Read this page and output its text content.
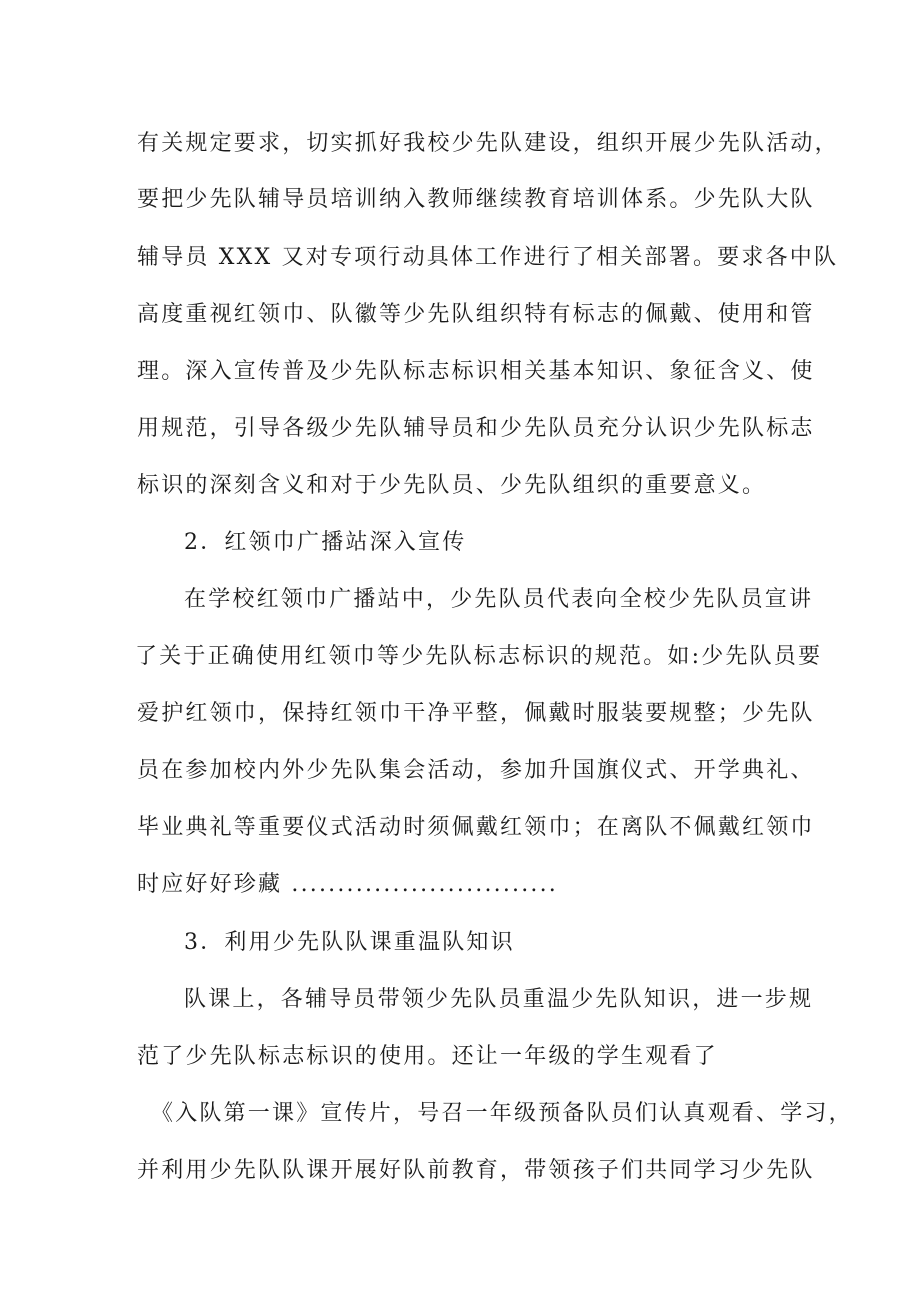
有关规定要求，切实抓好我校少先队建设，组织开展少先队活动，
要把少先队辅导员培训纳入教师继续教育培训体系。少先队大队
辅导员 XXX 又对专项行动具体工作进行了相关部署。要求各中队
高度重视红领巾、队徽等少先队组织特有标志的佩戴、使用和管
理。深入宣传普及少先队标志标识相关基本知识、象征含义、使
用规范，引导各级少先队辅导员和少先队员充分认识少先队标志
标识的深刻含义和对于少先队员、少先队组织的重要意义。
2．红领巾广播站深入宣传
在学校红领巾广播站中，少先队员代表向全校少先队员宣讲
了关于正确使用红领巾等少先队标志标识的规范。如:少先队员要
爱护红领巾，保持红领巾干净平整，佩戴时服装要规整；少先队
员在参加校内外少先队集会活动，参加升国旗仪式、开学典礼、
毕业典礼等重要仪式活动时须佩戴红领巾；在离队不佩戴红领巾
时应好好珍藏 .............................
3．利用少先队队课重温队知识
队课上，各辅导员带领少先队员重温少先队知识，进一步规
范了少先队标志标识的使用。还让一年级的学生观看了
《入队第一课》宣传片，号召一年级预备队员们认真观看、学习，
并利用少先队队课开展好队前教育，带领孩子们共同学习少先队
